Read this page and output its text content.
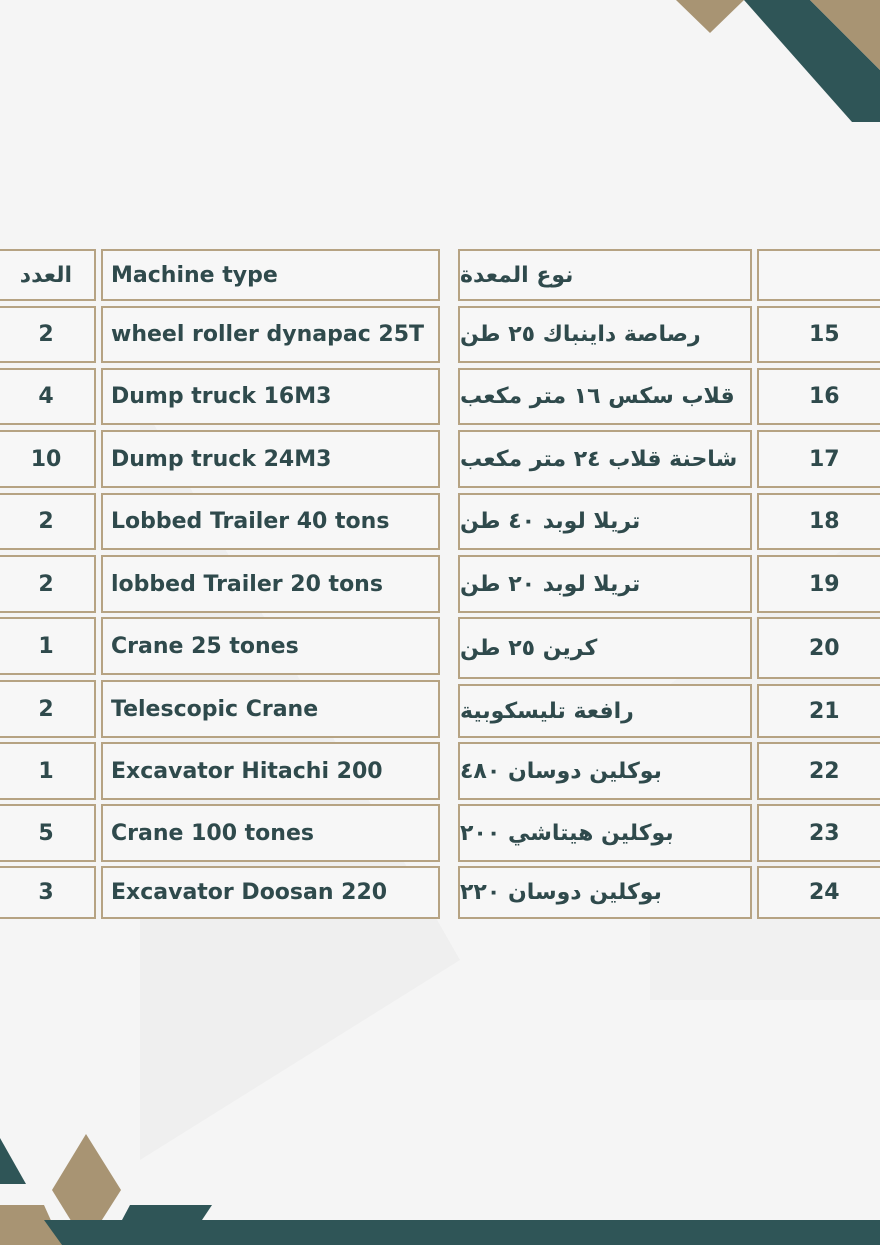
العدد	Machine type	نوع المعدة
2	wheel roller dynapac 25T	رصاصة داينباك ٢٥ طن	15
4	Dump truck 16M3	قلاب سكس ١٦ متر مكعب	16
10	Dump truck 24M3	شاحنة قلاب ٢٤ متر مكعب	17
2	Lobbed Trailer 40 tons	تريلا لوبد ٤٠ طن	18
2	lobbed Trailer 20 tons	تريلا لوبد ٢٠ طن	19
1	Crane 25 tones	كرين ٢٥ طن	20
2	Telescopic Crane	رافعة تليسكوبية	21
1	Excavator Hitachi 200	بوكلين دوسان ٤٨٠	22
5	Crane 100 tones	بوكلين هيتاشي ٢٠٠	23
3	Excavator Doosan 220	بوكلين دوسان ٢٢٠	24
